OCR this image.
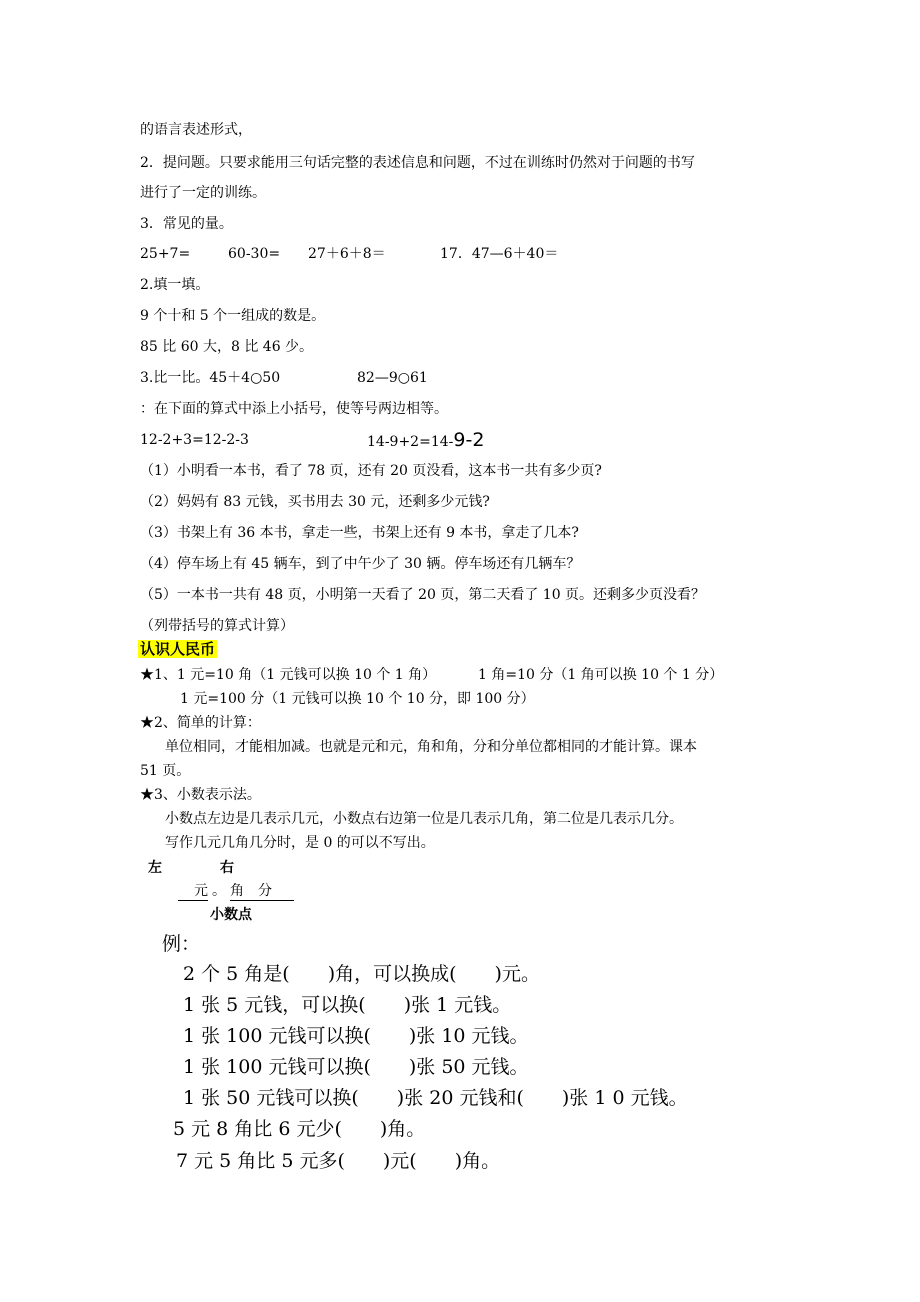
的语言表述形式，
2．提问题。只要求能用三句话完整的表述信息和问题，不过在训练时仍然对于问题的书写
进行了一定的训练。
3．常见的量。
25+7=	60-30= 27＋6＋8＝	17．47—6＋40＝
2.填一填。
9 个十和 5 个一组成的数是。
85 比 60 大，8 比 46 少。
3.比一比。45＋4○50	82—9○61
：在下面的算式中添上小括号，使等号两边相等。
12-2+3=12-2-3	14-9+2=14-9-2
（1）小明看一本书，看了 78 页，还有 20 页没看，这本书一共有多少页?
（2）妈妈有 83 元钱，买书用去 30 元，还剩多少元钱?
（3）书架上有 36 本书，拿走一些，书架上还有 9 本书，拿走了几本?
（4）停车场上有 45 辆车，到了中午少了 30 辆。停车场还有几辆车？
（5）一本书一共有 48 页，小明第一天看了 20 页，第二天看了 10 页。还剩多少页没看？
（列带括号的算式计算）
认识人民币
★1、1 元=10 角（1 元钱可以换 10 个 1 角）	1 角=10 分（1 角可以换 10 个 1 分）
1 元=100 分（1 元钱可以换 10 个 10 分，即 100 分）
★2、简单的计算：
单位相同，才能相加减。也就是元和元，角和角，分和分单位都相同的才能计算。课本
51 页。
★3、小数表示法。
小数点左边是几表示几元，小数点右边第一位是几表示几角，第二位是几表示几分。
写作几元几角几分时，是 0 的可以不写出。
左	右
元 。 角 分
小数点
例：
2 个 5 角是(　　)角，可以换成(　　)元。
1 张 5 元钱，可以换(　　)张 1 元钱。
1 张 100 元钱可以换(　　)张 10 元钱。
1 张 100 元钱可以换(　　)张 50 元钱。
1 张 50 元钱可以换(　　)张 20 元钱和(　　)张 1 0 元钱。
5 元 8 角比 6 元少(　　)角。
7 元 5 角比 5 元多(　　)元(　　)角。
